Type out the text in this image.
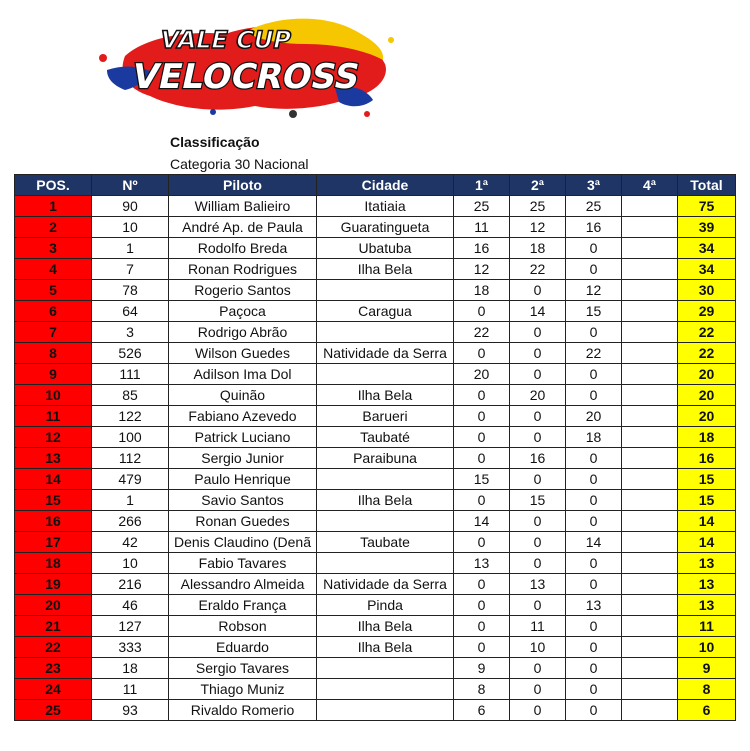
VALE CUP
VELOCROSS
Classificação
Categoria 30 Nacional
POS.	Nº	Piloto	Cidade	1ª	2ª	3ª	4ª	Total
1	90	William Balieiro	Itatiaia	25	25	25		75
2	10	André Ap. de Paula	Guaratingueta	11	12	16		39
3	1	Rodolfo Breda	Ubatuba	16	18	0		34
4	7	Ronan Rodrigues	Ilha Bela	12	22	0		34
5	78	Rogerio Santos		18	0	12		30
6	64	Paçoca	Caragua	0	14	15		29
7	3	Rodrigo Abrão		22	0	0		22
8	526	Wilson Guedes	Natividade da Serra	0	0	22		22
9	111	Adilson Ima Dol		20	0	0		20
10	85	Quinão	Ilha Bela	0	20	0		20
11	122	Fabiano Azevedo	Barueri	0	0	20		20
12	100	Patrick Luciano	Taubaté	0	0	18		18
13	112	Sergio Junior	Paraibuna	0	16	0		16
14	479	Paulo Henrique		15	0	0		15
15	1	Savio Santos	Ilha Bela	0	15	0		15
16	266	Ronan Guedes		14	0	0		14
17	42	Denis Claudino (Denã	Taubate	0	0	14		14
18	10	Fabio Tavares		13	0	0		13
19	216	Alessandro Almeida	Natividade da Serra	0	13	0		13
20	46	Eraldo França	Pinda	0	0	13		13
21	127	Robson	Ilha Bela	0	11	0		11
22	333	Eduardo	Ilha Bela	0	10	0		10
23	18	Sergio Tavares		9	0	0		9
24	11	Thiago Muniz		8	0	0		8
25	93	Rivaldo Romerio		6	0	0		6
